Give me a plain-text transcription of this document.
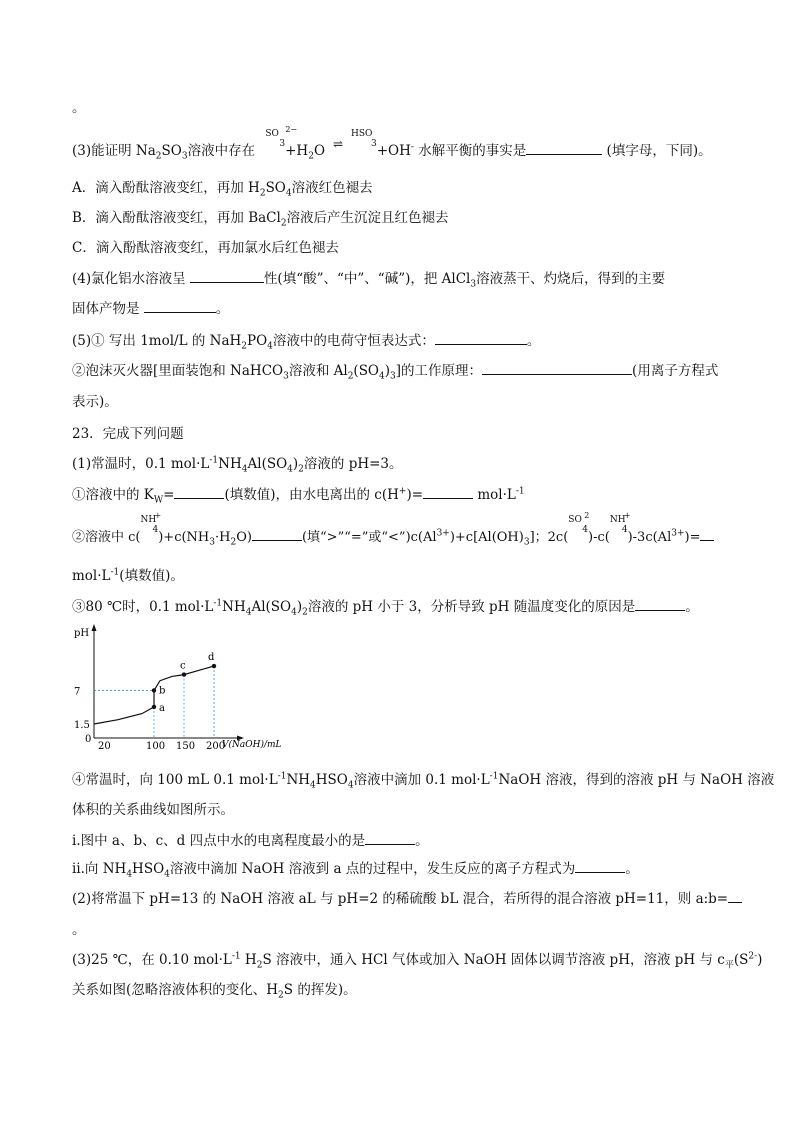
。
(3)能证明 $Na_2SO_3$溶液中存在
SO 2−
$3 +H_2O$ ⇌
HSO
3 +OH- 水解平衡的事实是	(填字母，下同)。
A．滴入酚酞溶液变红，再加 $H_2SO_4$溶液红色褪去
B．滴入酚酞溶液变红，再加 BaCl$_2$溶液后产生沉淀且红色褪去
C．滴入酚酞溶液变红，再加氯水后红色褪去
(4)氯化铝水溶液呈	性(填“酸”、“中”、“碱”)，把 AlCl$_3$溶液蒸干、灼烧后，得到的主要
固体产物是	。
(5)① 写出 1mol/L 的 $NaH_2PO_4$溶液中的电荷守恒表达式：	。
②泡沫灭火器[里面装饱和 NaHCO$_3$溶液和 $Al_2(SO_4)_3$]的工作原理：	(用离子方程式
表示)。
23．完成下列问题
(1)常温时，0.1 $mol\cdot L^{-1}NH_4Al(SO_4)_2$溶液的 pH=3。
①溶液中的 $K_W=$	(填数值)，由水电离出的 c(H+)=	$mol\cdot L^{-1}$
②溶液中 c(
NH
+
4 )$+c(NH_3\cdot H_2O)$	(填“>”“=”或“$<”)c(Al^{3+})+c[Al(OH)_3]$；2c(
SO 2
4 )-c(
NH
+
4 )$-3c(Al^{3+})=$
$mol\cdot L^{-1}$(填数值)。
③80 ℃时，0.1 $mol\cdot L^{-1}NH_4Al(SO_4)_2$溶液的 pH 小于 3，分析导致 pH 随温度变化的原因是	。
pH
V(NaOH)/mL
0
20	100 150 200
1.5
7
a
b
c
d
④常温时，向 100 mL 0.1 $mol\cdot L^{-1}NH_4HSO_4$溶液中滴加 0.1 $mol\cdot L^{-1}NaOH$ 溶液，得到的溶液 pH 与 NaOH 溶液
体积的关系曲线如图所示。
ⅰ.图中 a、b、c、d 四点中水的电离程度最小的是	。
ⅱ.向 $NH_4HSO_4$溶液中滴加 NaOH 溶液到 a 点的过程中，发生反应的离子方程式为	。
(2)将常温下 pH=13 的 NaOH 溶液 aL 与 pH=2 的稀硫酸 bL 混合，若所得的混合溶液 pH=11，则 a:b=
。
(3)25 ℃，在 0.10 $mol\cdot L^{-1}$ $H_2S$ 溶液中，通入 HCl 气体或加入 NaOH 固体以调节溶液 pH，溶液 pH 与 $c_平(S^{2-})$
关系如图(忽略溶液体积的变化、$H_2S$ 的挥发)。
